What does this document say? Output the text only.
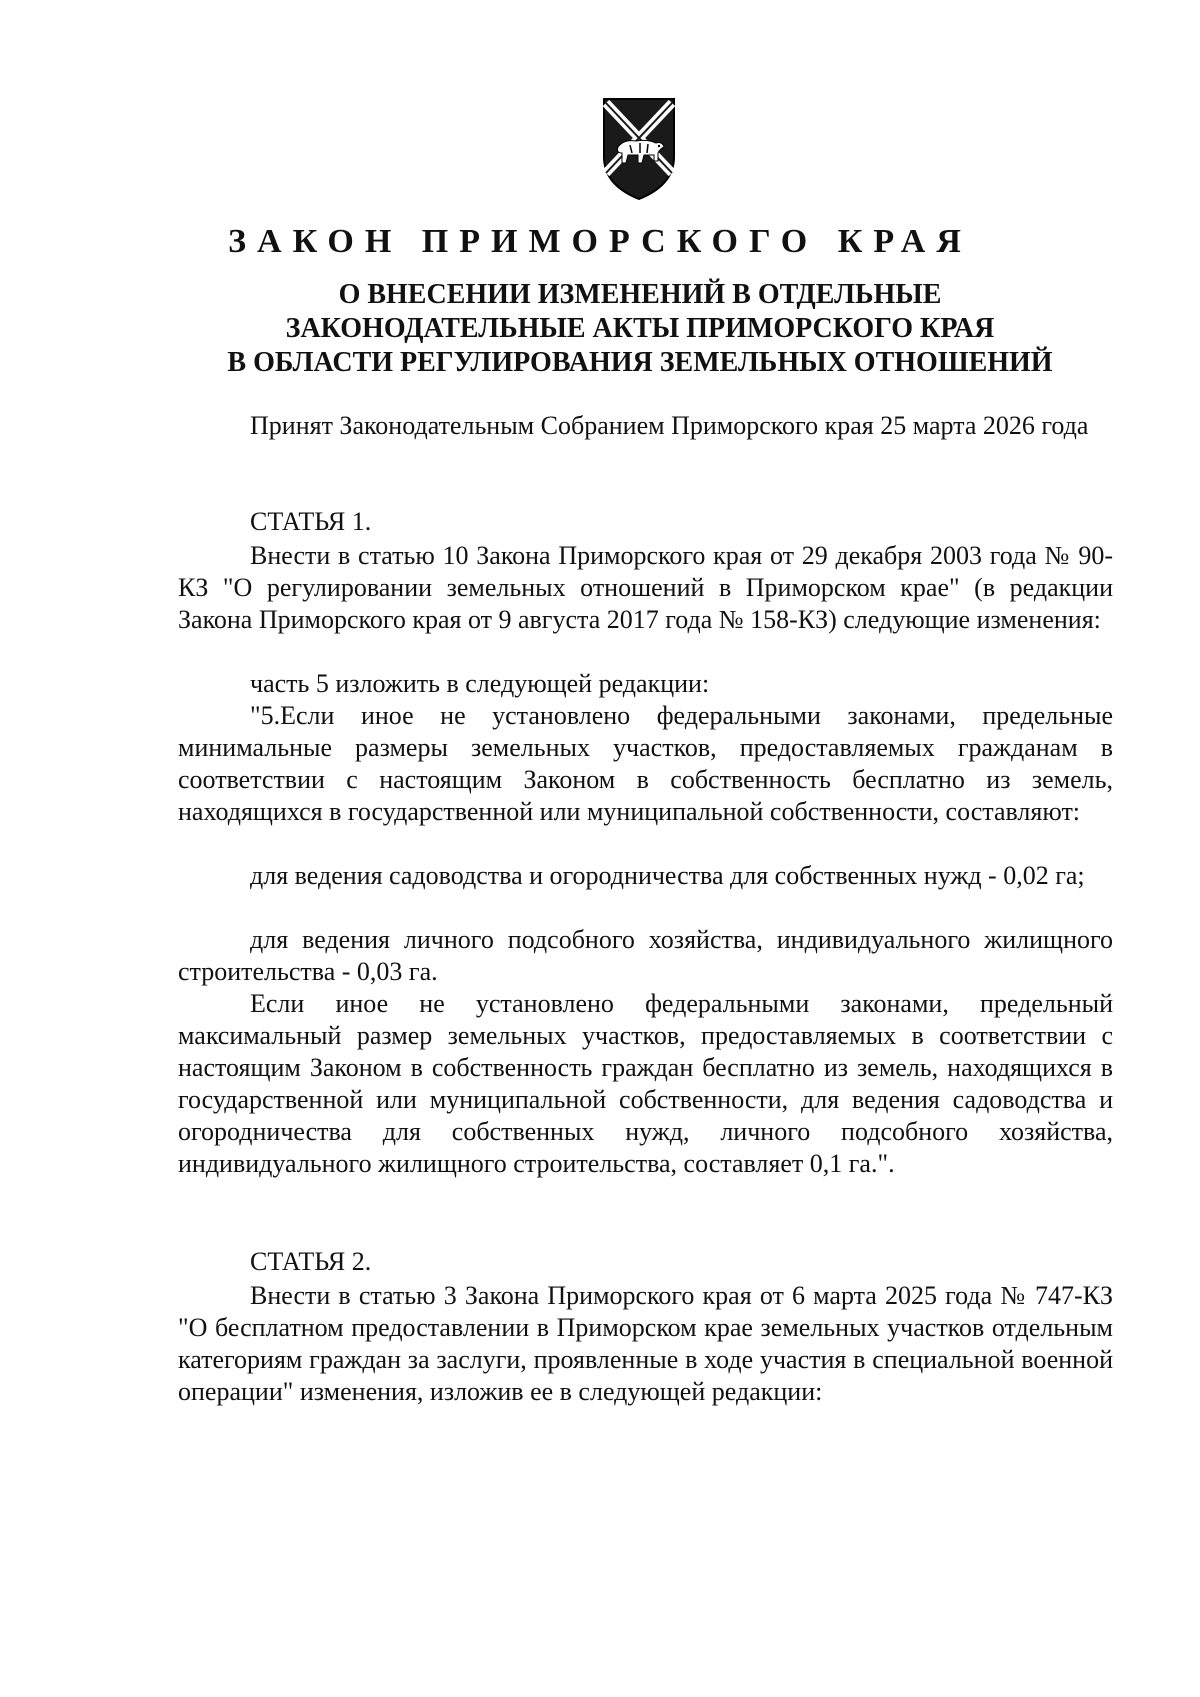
ЗАКОН ПРИМОРСКОГО КРАЯ
О ВНЕСЕНИИ ИЗМЕНЕНИЙ В ОТДЕЛЬНЫЕ
ЗАКОНОДАТЕЛЬНЫЕ АКТЫ ПРИМОРСКОГО КРАЯ
В ОБЛАСТИ РЕГУЛИРОВАНИЯ ЗЕМЕЛЬНЫХ ОТНОШЕНИЙ

Принят Законодательным Собранием Приморского края 25 марта 2026 года

СТАТЬЯ 1.

Внести в статью 10 Закона Приморского края от 29 декабря 2003 года № 90-КЗ "О регулировании земельных отношений в Приморском крае" (в редакции Закона Приморского края от 9 августа 2017 года № 158-КЗ) следующие изменения:

часть 5 изложить в следующей редакции:

"5.Если иное не установлено федеральными законами, предельные минимальные размеры земельных участков, предоставляемых гражданам в соответствии с настоящим Законом в собственность бесплатно из земель, находящихся в государственной или муниципальной собственности, составляют:

для ведения садоводства и огородничества для собственных нужд - 0,02 га;

для ведения личного подсобного хозяйства, индивидуального жилищного строительства - 0,03 га.

Если иное не установлено федеральными законами, предельный максимальный размер земельных участков, предоставляемых в соответствии с настоящим Законом в собственность граждан бесплатно из земель, находящихся в государственной или муниципальной собственности, для ведения садоводства и огородничества для собственных нужд, личного подсобного хозяйства, индивидуального жилищного строительства, составляет 0,1 га.".

СТАТЬЯ 2.

Внести в статью 3 Закона Приморского края от 6 марта 2025 года № 747-КЗ "О бесплатном предоставлении в Приморском крае земельных участков отдельным категориям граждан за заслуги, проявленные в ходе участия в специальной военной операции" изменения, изложив ее в следующей редакции:
